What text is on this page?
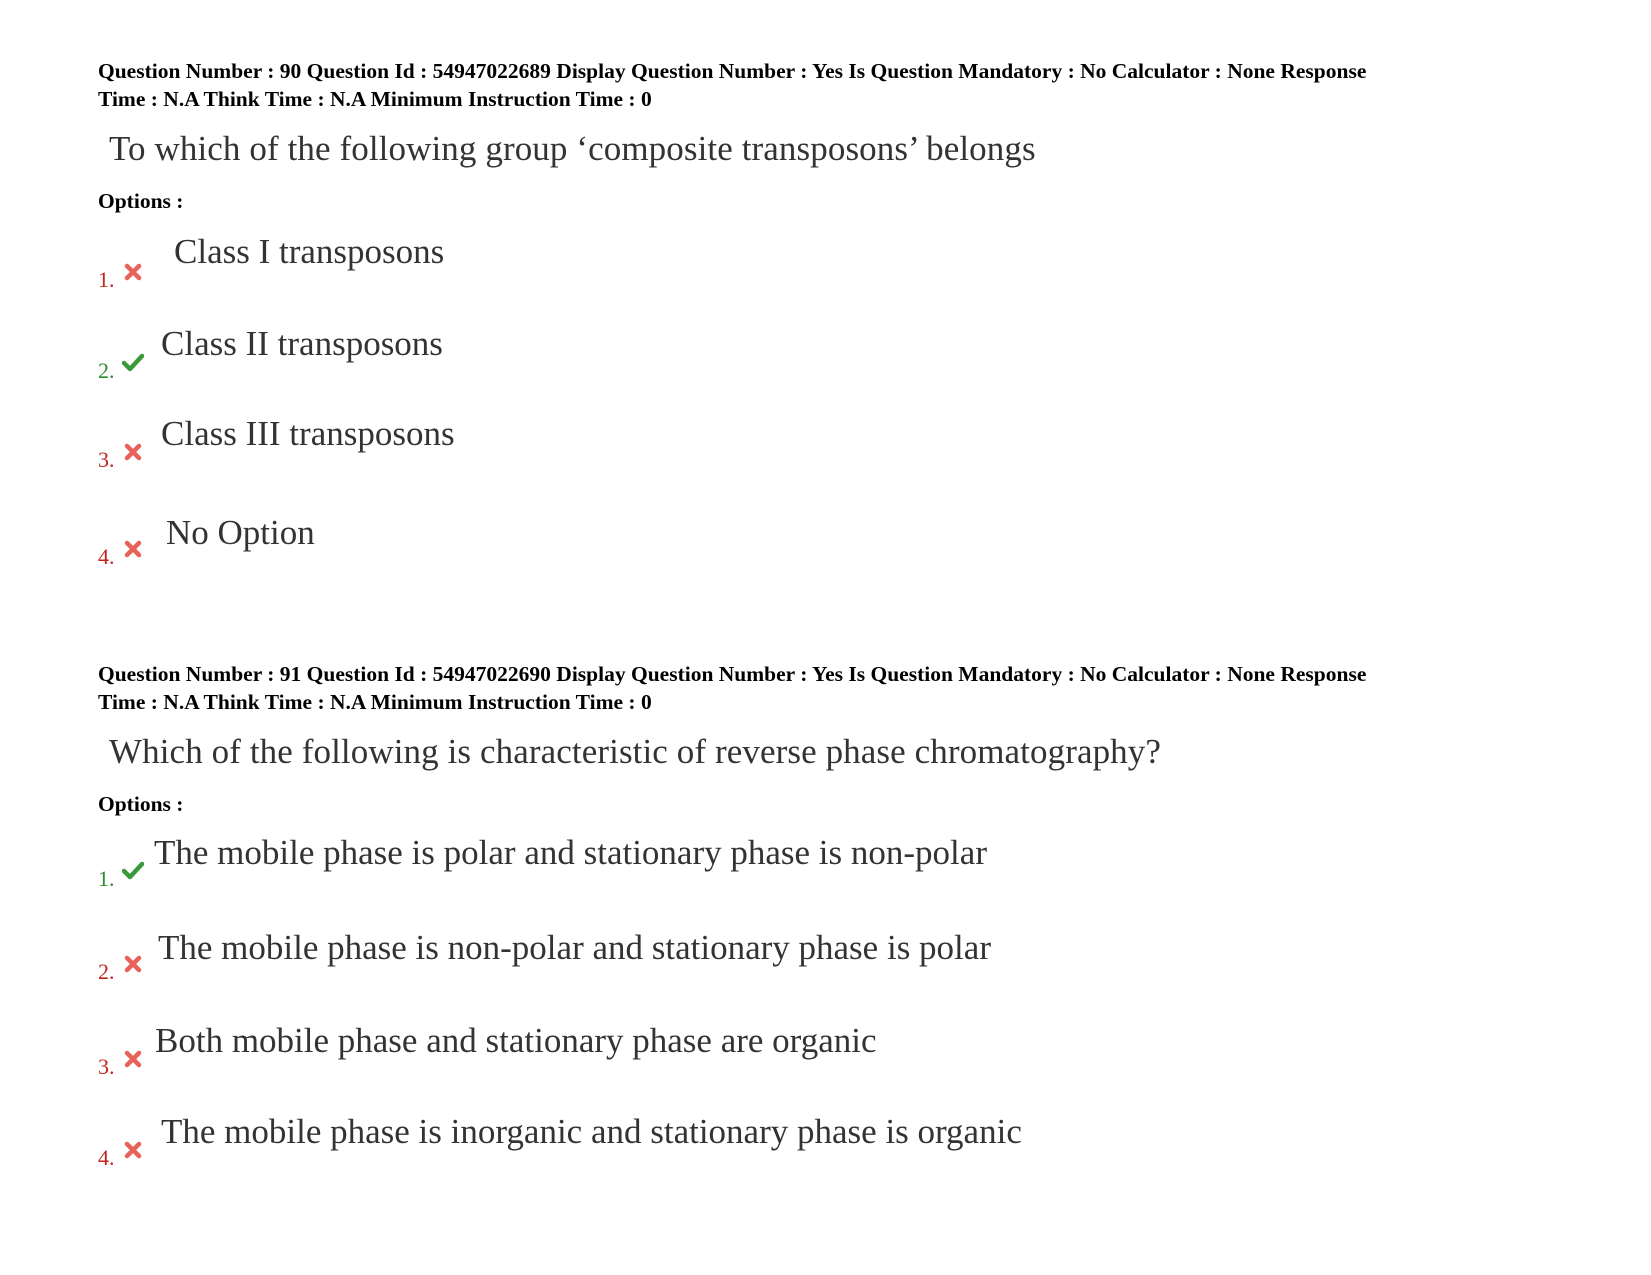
Question Number : 90 Question Id : 54947022689 Display Question Number : Yes Is Question Mandatory : No Calculator : None Response
Time : N.A Think Time : N.A Minimum Instruction Time : 0

To which of the following group ‘composite transposons’ belongs
Options :
1.
Class I transposons
2.
Class II transposons
3.
Class III transposons
4.
No Option

Question Number : 91 Question Id : 54947022690 Display Question Number : Yes Is Question Mandatory : No Calculator : None Response
Time : N.A Think Time : N.A Minimum Instruction Time : 0

Which of the following is characteristic of reverse phase chromatography?
Options :
1.
The mobile phase is polar and stationary phase is non-polar
2.
The mobile phase is non-polar and stationary phase is polar
3.
Both mobile phase and stationary phase are organic
4.
The mobile phase is inorganic and stationary phase is organic
